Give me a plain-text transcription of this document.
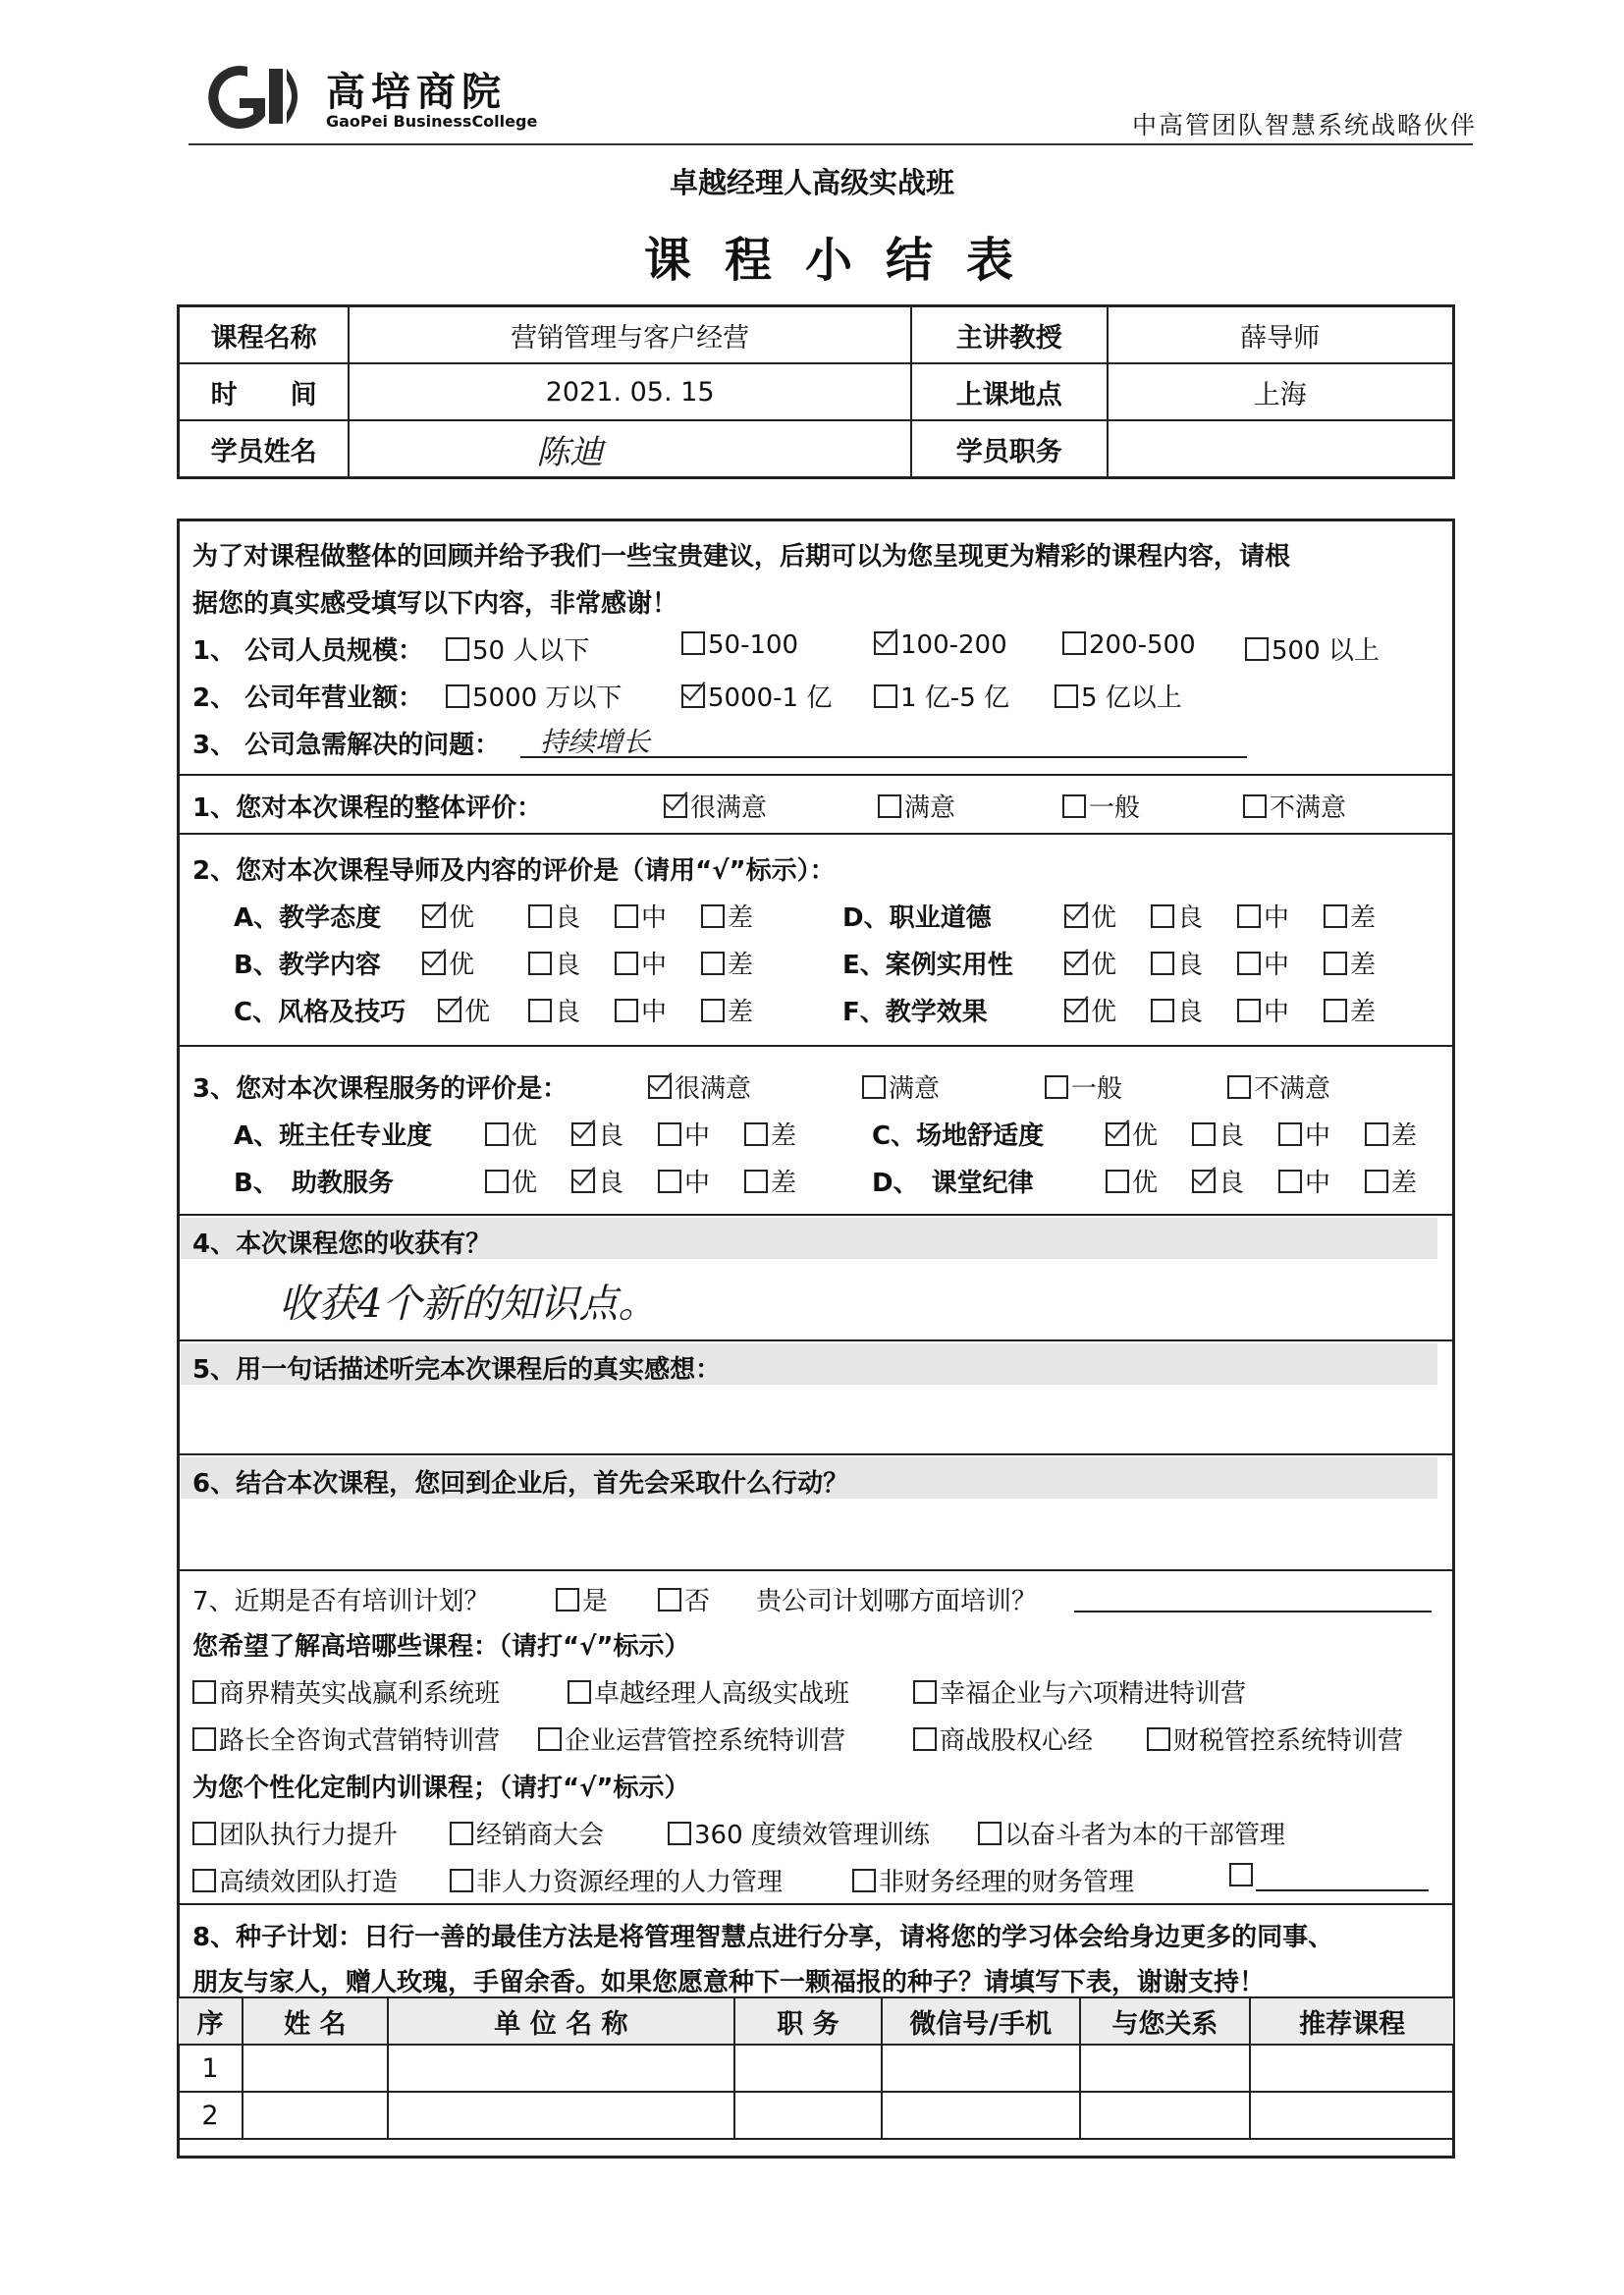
高培商院
GaoPei BusinessCollege	中高管团队智慧系统战略伙伴
卓越经理人高级实战班
课程小结表
课程名称	营销管理与客户经营	主讲教授	薛导师
时　　间	2021. 05. 15	上课地点	上海
学员姓名	陈迪	学员职务	
为了对课程做整体的回顾并给予我们一些宝贵建议，后期可以为您呈现更为精彩的课程内容，请根
据您的真实感受填写以下内容，非常感谢！
1、 公司人员规模：	50 人以下	50-100	100-200	200-500	500 以上
2、 公司年营业额：	5000 万以下	5000-1 亿	1 亿-5 亿	5 亿以上
3、 公司急需解决的问题：	持续增长
1、您对本次课程的整体评价：	很满意	满意	一般	不满意
2、您对本次课程导师及内容的评价是（请用“√”标示）：
A、教学态度	优	良	中	差	D、职业道德	优	良	中	差
B、教学内容	优	良	中	差	E、案例实用性	优	良	中	差
C、风格及技巧	优	良	中	差	F、教学效果	优	良	中	差
3、您对本次课程服务的评价是：	很满意	满意	一般	不满意
A、班主任专业度	优	良	中	差	C、场地舒适度	优	良	中	差
B、　助教服务	优	良	中	差	D、　课堂纪律	优	良	中	差
4、本次课程您的收获有？
收获4个新的知识点。
5、用一句话描述听完本次课程后的真实感想：
6、结合本次课程，您回到企业后，首先会采取什么行动？
7、近期是否有培训计划？	是	否 贵公司计划哪方面培训？
您希望了解高培哪些课程：（请打“√”标示）
商界精英实战赢利系统班	卓越经理人高级实战班	幸福企业与六项精进特训营
路长全咨询式营销特训营	企业运营管控系统特训营	商战股权心经	财税管控系统特训营
为您个性化定制内训课程；（请打“√”标示）
团队执行力提升	经销商大会	360 度绩效管理训练	以奋斗者为本的干部管理
高绩效团队打造	非人力资源经理的人力管理	非财务经理的财务管理
8、种子计划：日行一善的最佳方法是将管理智慧点进行分享，请将您的学习体会给身边更多的同事、
朋友与家人，赠人玫瑰，手留余香。如果您愿意种下一颗福报的种子？请填写下表，谢谢支持！
序	姓 名	单 位 名 称	职 务	微信号/手机	与您关系	推荐课程
1						
2						
